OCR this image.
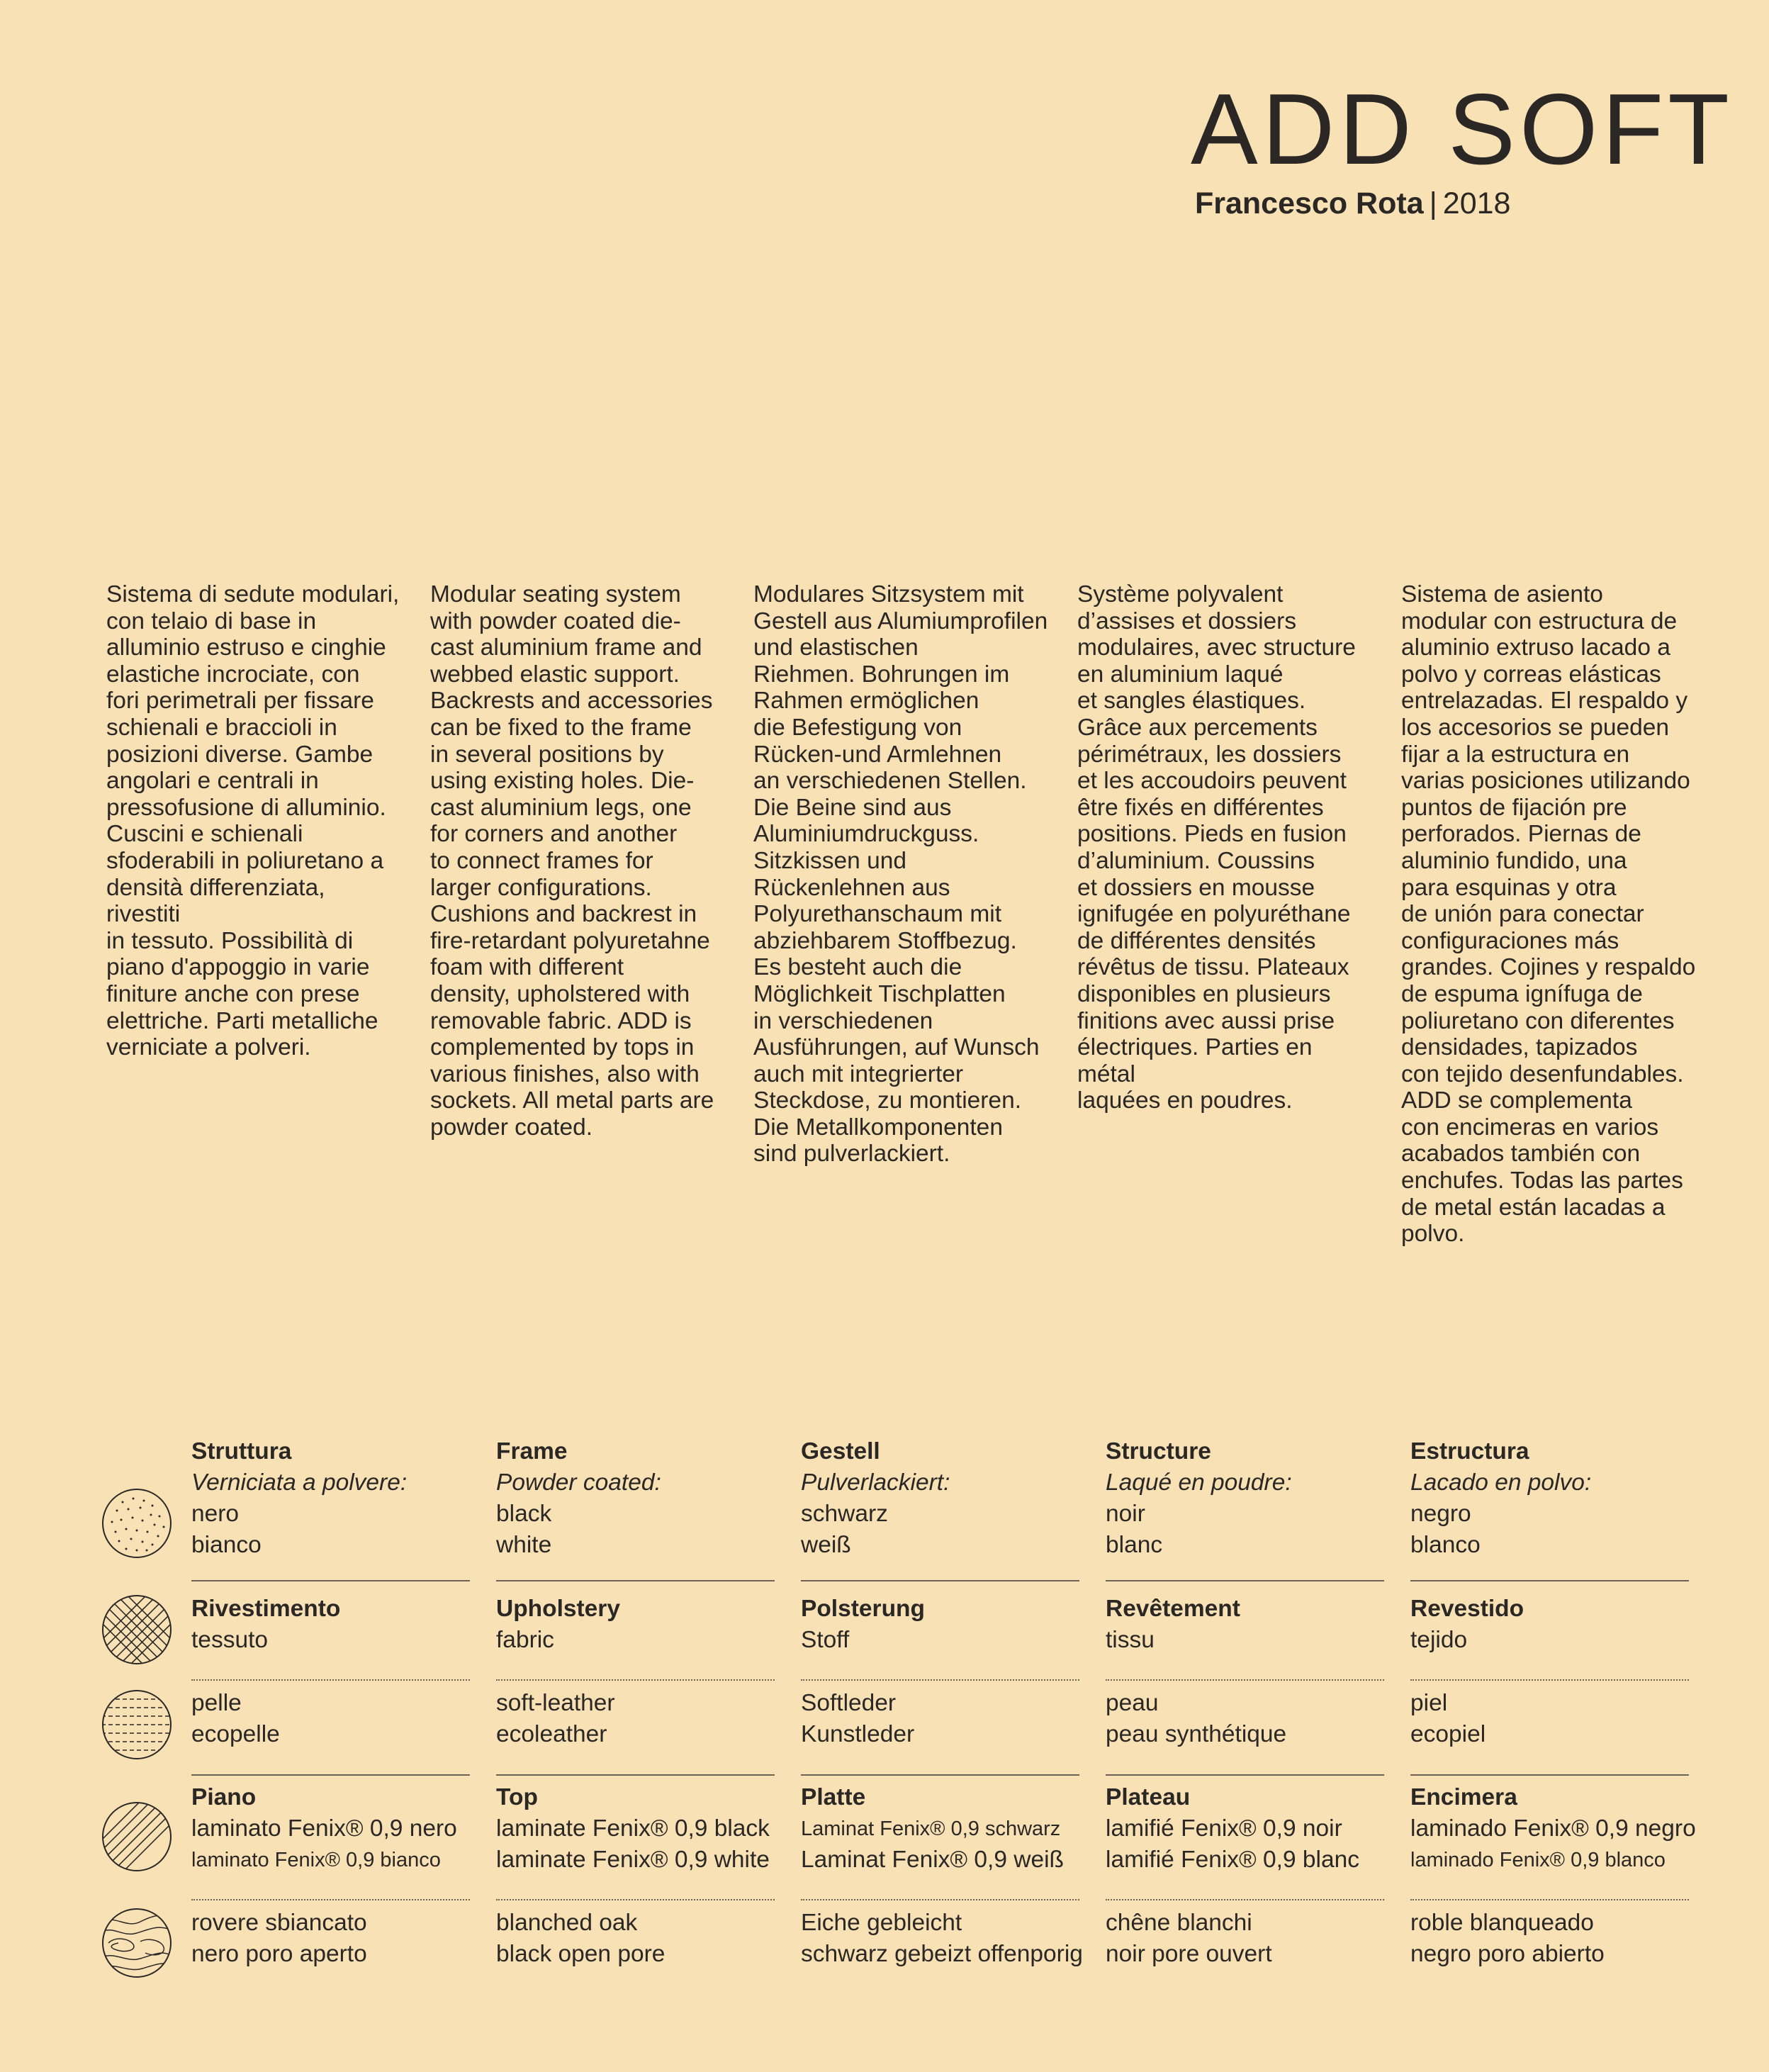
ADD SOFT
Francesco Rota | 2018
Sistema di sedute modulari,
con telaio di base in
alluminio estruso e cinghie
elastiche incrociate, con
fori perimetrali per fissare
schienali e braccioli in
posizioni diverse. Gambe
angolari e centrali in
pressofusione di alluminio.
Cuscini e schienali
sfoderabili in poliuretano a
densità differenziata, rivestiti
in tessuto. Possibilità di
piano d'appoggio in varie
finiture anche con prese
elettriche. Parti metalliche
verniciate a polveri.
Modular seating system
with powder coated die-
cast aluminium frame and
webbed elastic support.
Backrests and accessories
can be fixed to the frame
in several positions by
using existing holes. Die-
cast aluminium legs, one
for corners and another
to connect frames for
larger configurations.
Cushions and backrest in
fire-retardant polyuretahne
foam with different
density, upholstered with
removable fabric. ADD is
complemented by tops in
various finishes, also with
sockets. All metal parts are
powder coated.
Modulares Sitzsystem mit
Gestell aus Alumiumprofilen
und elastischen
Riehmen. Bohrungen im
Rahmen ermöglichen
die Befestigung von
Rücken-und Armlehnen
an verschiedenen Stellen.
Die Beine sind aus
Aluminiumdruckguss.
Sitzkissen und
Rückenlehnen aus
Polyurethanschaum mit
abziehbarem Stoffbezug.
Es besteht auch die
Möglichkeit Tischplatten
in verschiedenen
Ausführungen, auf Wunsch
auch mit integrierter
Steckdose, zu montieren.
Die Metallkomponenten
sind pulverlackiert.
Système polyvalent
d’assises et dossiers
modulaires, avec structure
en aluminium laqué
et sangles élastiques.
Grâce aux percements
périmétraux, les dossiers
et les accoudoirs peuvent
être fixés en différentes
positions. Pieds en fusion
d’aluminium. Coussins
et dossiers en mousse
ignifugée en polyuréthane
de différentes densités
révêtus de tissu. Plateaux
disponibles en plusieurs
finitions avec aussi prise
électriques. Parties en métal
laquées en poudres.
Sistema de asiento
modular con estructura de
aluminio extruso lacado a
polvo y correas elásticas
entrelazadas. El respaldo y
los accesorios se pueden
fijar a la estructura en
varias posiciones utilizando
puntos de fijación pre
perforados. Piernas de
aluminio fundido, una
para esquinas y otra
de unión para conectar
configuraciones más
grandes. Cojines y respaldo
de espuma ignífuga de
poliuretano con diferentes
densidades, tapizados
con tejido desenfundables.
ADD se complementa
con encimeras en varios
acabados también con
enchufes. Todas las partes
de metal están lacadas a
polvo.
Struttura
Verniciata a polvere:
nero
bianco
Frame
Powder coated:
black
white
Gestell
Pulverlackiert:
schwarz
weiß
Structure
Laqué en poudre:
noir
blanc
Estructura
Lacado en polvo:
negro
blanco
Rivestimento
tessuto
Upholstery
fabric
Polsterung
Stoff
Revêtement
tissu
Revestido
tejido
pelle
ecopelle
soft-leather
ecoleather
Softleder
Kunstleder
peau
peau synthétique
piel
ecopiel
Piano
laminato Fenix® 0,9 nero
laminato Fenix® 0,9 bianco
Top
laminate Fenix® 0,9 black
laminate Fenix® 0,9 white
Platte
Laminat Fenix® 0,9 schwarz
Laminat Fenix® 0,9 weiß
Plateau
lamifié Fenix® 0,9 noir
lamifié Fenix® 0,9 blanc
Encimera
laminado Fenix® 0,9 negro
laminado Fenix® 0,9 blanco
rovere sbiancato
nero poro aperto
blanched oak
black open pore
Eiche gebleicht
schwarz gebeizt offenporig
chêne blanchi
noir pore ouvert
roble blanqueado
negro poro abierto
